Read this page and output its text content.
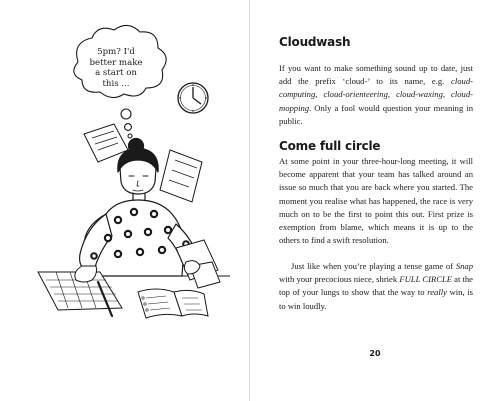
5pm? I'd
better make
a start on
this ...
Cloudwash

If you want to make something sound up to date, just add the prefix ‘cloud-’ to its name, e.g. cloud-computing, cloud-orienteering, cloud-waxing, cloud-mopping. Only a fool would question your meaning in public.

Come full circle

At some point in your three-hour-long meeting, it will become apparent that your team has talked around an issue so much that you are back where you started. The moment you realise what has happened, the race is very much on to be the first to point this out. First prize is exemption from blame, which means it is up to the others to find a swift resolution.

Just like when you’re playing a tense game of Snap with your precocious niece, shriek FULL CIRCLE at the top of your lungs to show that the way to really win, is to win loudly.

20
